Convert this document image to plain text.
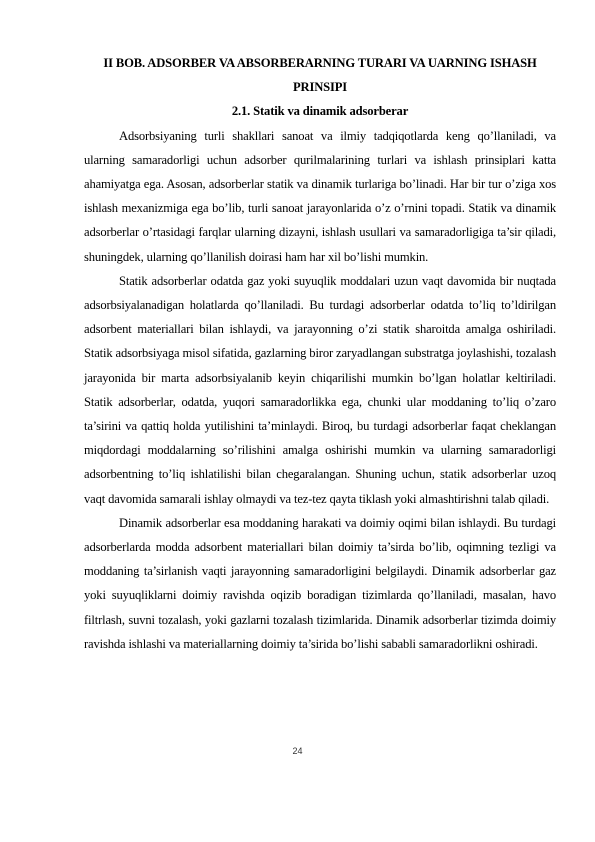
II BOB. ADSORBER VA ABSORBERARNING TURARI VA UARNING ISHASH PRINSIPI

2.1. Statik va dinamik adsorberar

Adsorbsiyaning turli shakllari sanoat va ilmiy tadqiqotlarda keng qo’llaniladi, va ularning samaradorligi uchun adsorber qurilmalarining turlari va ishlash prinsiplari katta ahamiyatga ega. Asosan, adsorberlar statik va dinamik turlariga bo’linadi. Har bir tur o’ziga xos ishlash mexanizmiga ega bo’lib, turli sanoat jarayonlarida o’z o’rnini topadi. Statik va dinamik adsorberlar o’rtasidagi farqlar ularning dizayni, ishlash usullari va samaradorligiga ta’sir qiladi, shuningdek, ularning qo’llanilish doirasi ham har xil bo’lishi mumkin.

Statik adsorberlar odatda gaz yoki suyuqlik moddalari uzun vaqt davomida bir nuqtada adsorbsiyalanadigan holatlarda qo’llaniladi. Bu turdagi adsorberlar odatda to’liq to’ldirilgan adsorbent materiallari bilan ishlaydi, va jarayonning o’zi statik sharoitda amalga oshiriladi. Statik adsorbsiyaga misol sifatida, gazlarning biror zaryadlangan substratga joylashishi, tozalash jarayonida bir marta adsorbsiyalanib keyin chiqarilishi mumkin bo’lgan holatlar keltiriladi. Statik adsorberlar, odatda, yuqori samaradorlikka ega, chunki ular moddaning to’liq o’zaro ta’sirini va qattiq holda yutilishini ta’minlaydi. Biroq, bu turdagi adsorberlar faqat cheklangan miqdordagi moddalarning so’rilishini amalga oshirishi mumkin va ularning samaradorligi adsorbentning to’liq ishlatilishi bilan chegaralangan. Shuning uchun, statik adsorberlar uzoq vaqt davomida samarali ishlay olmaydi va tez-tez qayta tiklash yoki almashtirishni talab qiladi.

Dinamik adsorberlar esa moddaning harakati va doimiy oqimi bilan ishlaydi. Bu turdagi adsorberlarda modda adsorbent materiallari bilan doimiy ta’sirda bo’lib, oqimning tezligi va moddaning ta’sirlanish vaqti jarayonning samaradorligini belgilaydi. Dinamik adsorberlar gaz yoki suyuqliklarni doimiy ravishda oqizib boradigan tizimlarda qo’llaniladi, masalan, havo filtrlash, suvni tozalash, yoki gazlarni tozalash tizimlarida. Dinamik adsorberlar tizimda doimiy ravishda ishlashi va materiallarning doimiy ta’sirida bo’lishi sababli samaradorlikni oshiradi.

24
